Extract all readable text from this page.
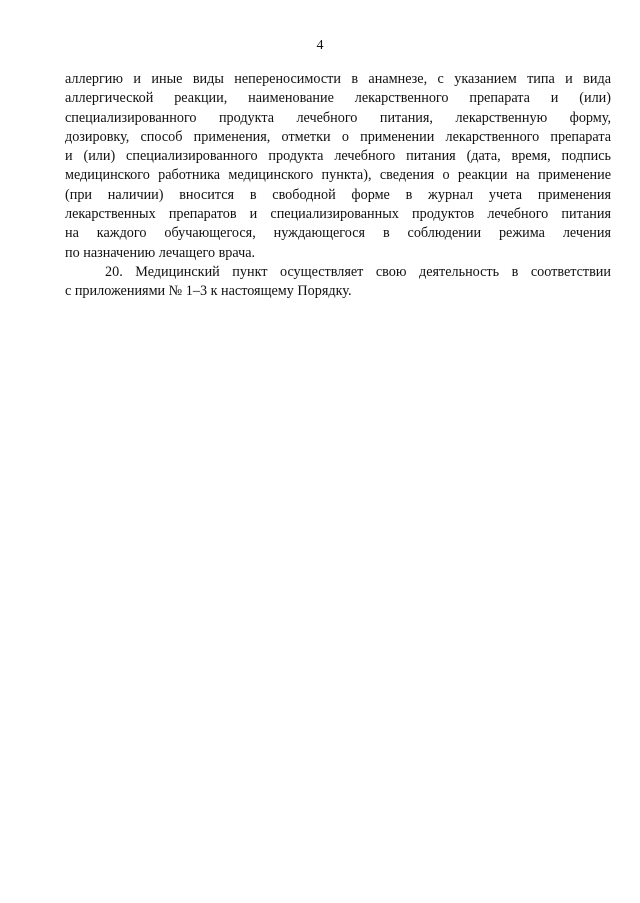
4
аллергию и иные виды непереносимости в анамнезе, с указанием типа и вида
аллергической реакции, наименование лекарственного препарата и (или)
специализированного продукта лечебного питания, лекарственную форму,
дозировку, способ применения, отметки о применении лекарственного препарата
и (или) специализированного продукта лечебного питания (дата, время, подпись
медицинского работника медицинского пункта), сведения о реакции на применение
(при наличии) вносится в свободной форме в журнал учета применения
лекарственных препаратов и специализированных продуктов лечебного питания
на каждого обучающегося, нуждающегося в соблюдении режима лечения
по назначению лечащего врача.
20. Медицинский пункт осуществляет свою деятельность в соответствии
с приложениями № 1–3 к настоящему Порядку.
